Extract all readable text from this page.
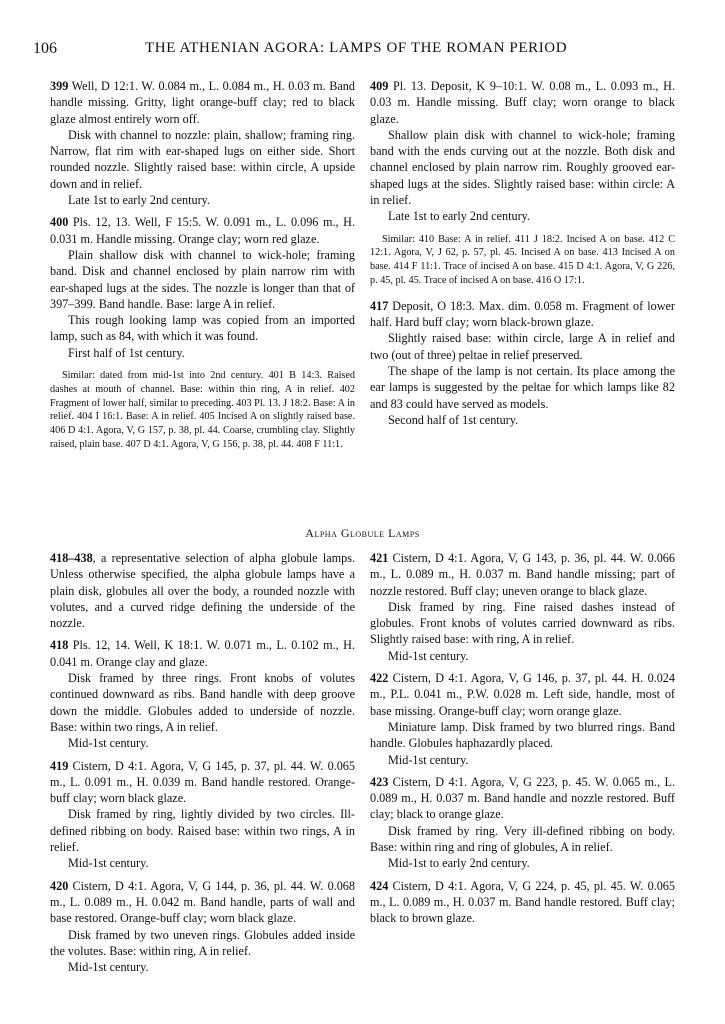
106	THE ATHENIAN AGORA: LAMPS OF THE ROMAN PERIOD

399 Well, D 12:1. W. 0.084 m., L. 0.084 m., H. 0.03 m. Band handle missing. Gritty, light orange-buff clay; red to black glaze almost entirely worn off.

Disk with channel to nozzle: plain, shallow; framing ring. Narrow, flat rim with ear-shaped lugs on either side. Short rounded nozzle. Slightly raised base: within circle, A upside down and in relief.

Late 1st to early 2nd century.

400 Pls. 12, 13. Well, F 15:5. W. 0.091 m., L. 0.096 m., H. 0.031 m. Handle missing. Orange clay; worn red glaze.

Plain shallow disk with channel to wick-hole; framing band. Disk and channel enclosed by plain narrow rim with ear-shaped lugs at the sides. The nozzle is longer than that of 397–399. Band handle. Base: large A in relief.

This rough looking lamp was copied from an imported lamp, such as 84, with which it was found.

First half of 1st century.

Similar: dated from mid-1st into 2nd century. 401 B 14:3. Raised dashes at mouth of channel. Base: within thin ring, A in relief. 402 Fragment of lower half, similar to preceding. 403 Pl. 13. J 18:2. Base: A in relief. 404 I 16:1. Base: A in relief. 405 Incised A on slightly raised base. 406 D 4:1. Agora, V, G 157, p. 38, pl. 44. Coarse, crumbling clay. Slightly raised, plain base. 407 D 4:1. Agora, V, G 156, p. 38, pl. 44. 408 F 11:1.

409 Pl. 13. Deposit, K 9–10:1. W. 0.08 m., L. 0.093 m., H. 0.03 m. Handle missing. Buff clay; worn orange to black glaze.

Shallow plain disk with channel to wick-hole; framing band with the ends curving out at the nozzle. Both disk and channel enclosed by plain narrow rim. Roughly grooved ear-shaped lugs at the sides. Slightly raised base: within circle: A in relief.

Late 1st to early 2nd century.

Similar: 410 Base: A in relief. 411 J 18:2. Incised A on base. 412 C 12:1. Agora, V, J 62, p. 57, pl. 45. Incised A on base. 413 Incised A on base. 414 F 11:1. Trace of incised A on base. 415 D 4:1. Agora, V, G 226, p. 45, pl. 45. Trace of incised A on base. 416 O 17:1.

417 Deposit, O 18:3. Max. dim. 0.058 m. Fragment of lower half. Hard buff clay; worn black-brown glaze.

Slightly raised base: within circle, large A in relief and two (out of three) peltae in relief preserved.

The shape of the lamp is not certain. Its place among the ear lamps is suggested by the peltae for which lamps like 82 and 83 could have served as models.

Second half of 1st century.

Alpha Globule Lamps

418–438, a representative selection of alpha globule lamps. Unless otherwise specified, the alpha globule lamps have a plain disk, globules all over the body, a rounded nozzle with volutes, and a curved ridge defining the underside of the nozzle.

418 Pls. 12, 14. Well, K 18:1. W. 0.071 m., L. 0.102 m., H. 0.041 m. Orange clay and glaze.

Disk framed by three rings. Front knobs of volutes continued downward as ribs. Band handle with deep groove down the middle. Globules added to underside of nozzle. Base: within two rings, A in relief.

Mid-1st century.

419 Cistern, D 4:1. Agora, V, G 145, p. 37, pl. 44. W. 0.065 m., L. 0.091 m., H. 0.039 m. Band handle restored. Orange-buff clay; worn black glaze.

Disk framed by ring, lightly divided by two circles. Ill-defined ribbing on body. Raised base: within two rings, A in relief.

Mid-1st century.

420 Cistern, D 4:1. Agora, V, G 144, p. 36, pl. 44. W. 0.068 m., L. 0.089 m., H. 0.042 m. Band handle, parts of wall and base restored. Orange-buff clay; worn black glaze.

Disk framed by two uneven rings. Globules added inside the volutes. Base: within ring, A in relief.

Mid-1st century.

421 Cistern, D 4:1. Agora, V, G 143, p. 36, pl. 44. W. 0.066 m., L. 0.089 m., H. 0.037 m. Band handle missing; part of nozzle restored. Buff clay; uneven orange to black glaze.

Disk framed by ring. Fine raised dashes instead of globules. Front knobs of volutes carried downward as ribs. Slightly raised base: with ring, A in relief.

Mid-1st century.

422 Cistern, D 4:1. Agora, V, G 146, p. 37, pl. 44. H. 0.024 m., P.L. 0.041 m., P.W. 0.028 m. Left side, handle, most of base missing. Orange-buff clay; worn orange glaze.

Miniature lamp. Disk framed by two blurred rings. Band handle. Globules haphazardly placed.

Mid-1st century.

423 Cistern, D 4:1. Agora, V, G 223, p. 45. W. 0.065 m., L. 0.089 m., H. 0.037 m. Band handle and nozzle restored. Buff clay; black to orange glaze.

Disk framed by ring. Very ill-defined ribbing on body. Base: within ring and ring of globules, A in relief.

Mid-1st to early 2nd century.

424 Cistern, D 4:1. Agora, V, G 224, p. 45, pl. 45. W. 0.065 m., L. 0.089 m., H. 0.037 m. Band handle restored. Buff clay; black to brown glaze.
